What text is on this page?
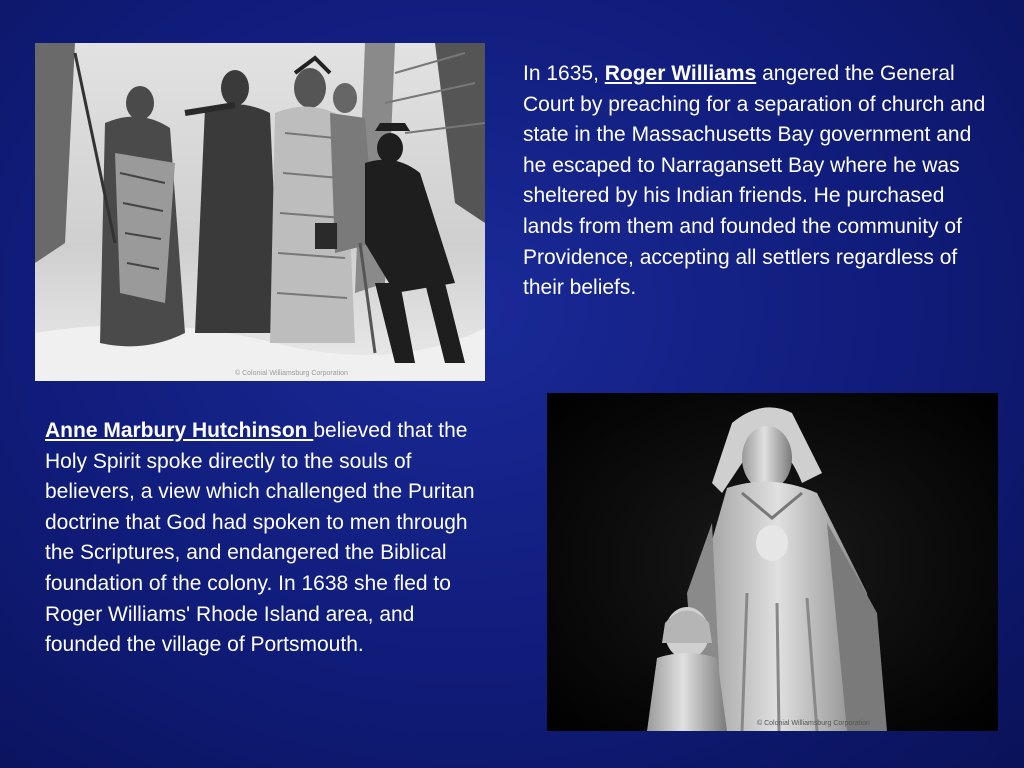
© Colonial Williamsburg Corporation
In 1635, Roger Williams angered the General Court by preaching for a separation of church and state in the Massachusetts Bay government and he escaped to Narragansett Bay where he was sheltered by his Indian friends. He purchased lands from them and founded the community of Providence, accepting all settlers regardless of their beliefs.
Anne Marbury Hutchinson believed that the Holy Spirit spoke directly to the souls of believers, a view which challenged the Puritan doctrine that God had spoken to men through the Scriptures, and endangered the Biblical foundation of the colony. In 1638 she fled to Roger Williams' Rhode Island area, and founded the village of Portsmouth.
© Colonial Williamsburg Corporation
